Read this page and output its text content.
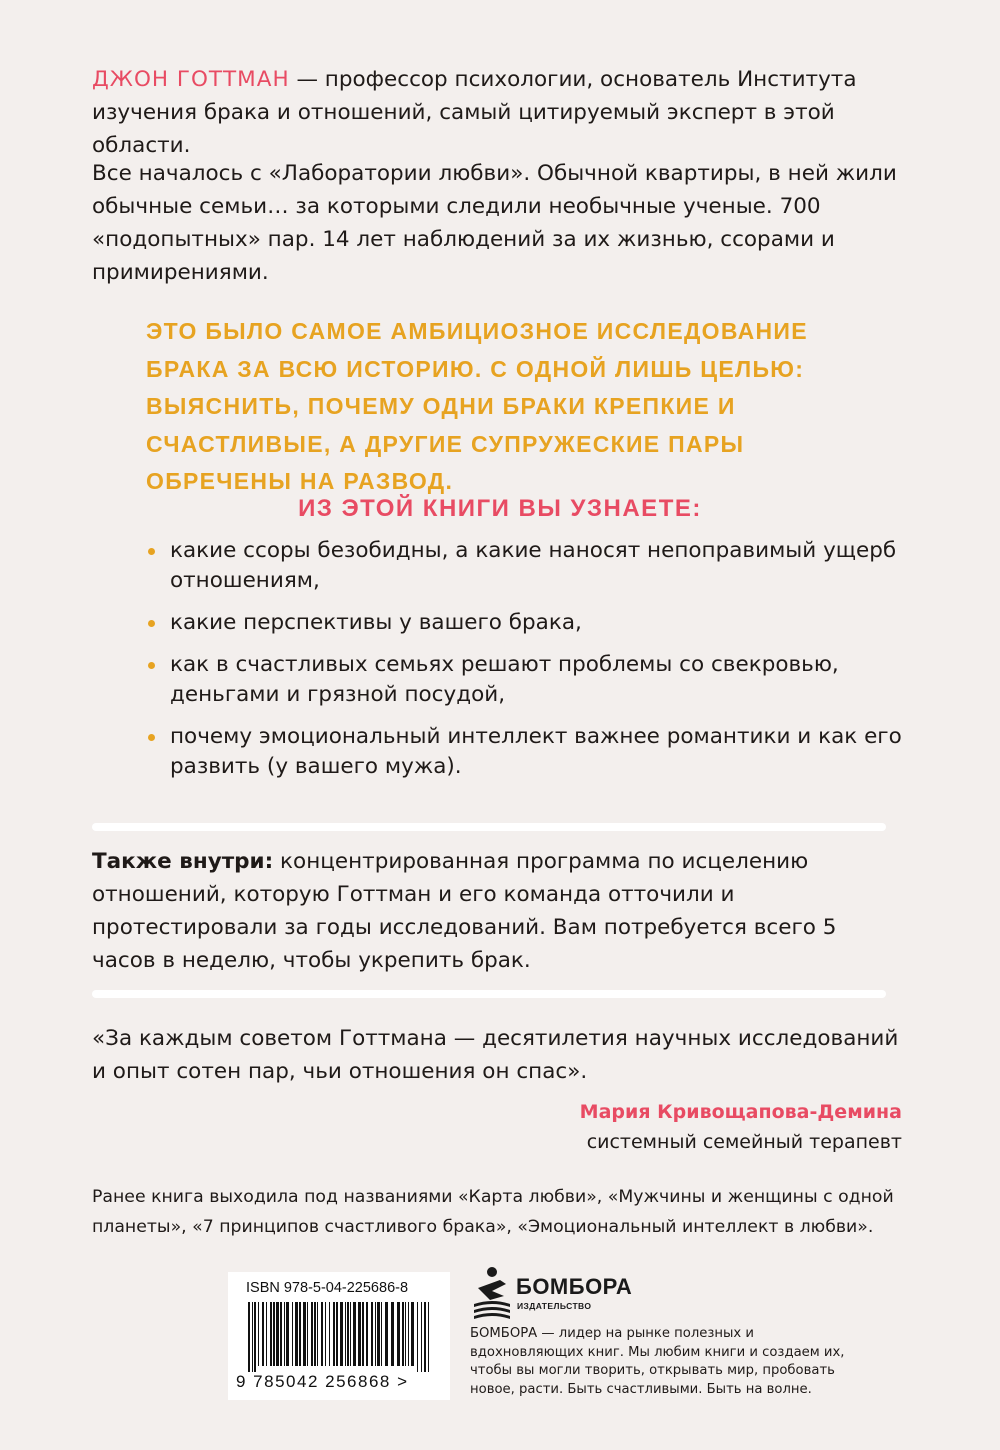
ДЖОН ГОТТМАН — профессор психологии, основатель Института изучения брака и отношений, самый цитируемый эксперт в этой области.

Все началось с «Лаборатории любви». Обычной квартиры, в ней жили обычные семьи… за которыми следили необычные ученые. 700 «подопытных» пар. 14 лет наблюдений за их жизнью, ссорами и примирениями.

ЭТО БЫЛО САМОЕ АМБИЦИОЗНОЕ ИССЛЕДОВАНИЕ БРАКА ЗА ВСЮ ИСТОРИЮ. С ОДНОЙ ЛИШЬ ЦЕЛЬЮ: ВЫЯСНИТЬ, ПОЧЕМУ ОДНИ БРАКИ КРЕПКИЕ И СЧАСТЛИВЫЕ, А ДРУГИЕ СУПРУЖЕСКИЕ ПАРЫ ОБРЕЧЕНЫ НА РАЗВОД.

ИЗ ЭТОЙ КНИГИ ВЫ УЗНАЕТЕ:
какие ссоры безобидны, а какие наносят непоправимый ущерб отношениям,
какие перспективы у вашего брака,
как в счастливых семьях решают проблемы со свекровью, деньгами и грязной посудой,
почему эмоциональный интеллект важнее романтики и как его развить (у вашего мужа).

Также внутри: концентрированная программа по исцелению отношений, которую Готтман и его команда отточили и протестировали за годы исследований. Вам потребуется всего 5 часов в неделю, чтобы укрепить брак.

«За каждым советом Готтмана — десятилетия научных исследований и опыт сотен пар, чьи отношения он спас».

Мария Кривощапова-Демина
системный семейный терапевт

Ранее книга выходила под названиями «Карта любви», «Мужчины и женщины с одной планеты», «7 принципов счастливого брака», «Эмоциональный интеллект в любви».

ISBN 978-5-04-225686-8
9 785042 256868 >
БОМБОРА
ИЗДАТЕЛЬСТВО

БОМБОРА — лидер на рынке полезных и вдохновляющих книг. Мы любим книги и создаем их, чтобы вы могли творить, открывать мир, пробовать новое, расти. Быть счастливыми. Быть на волне.
